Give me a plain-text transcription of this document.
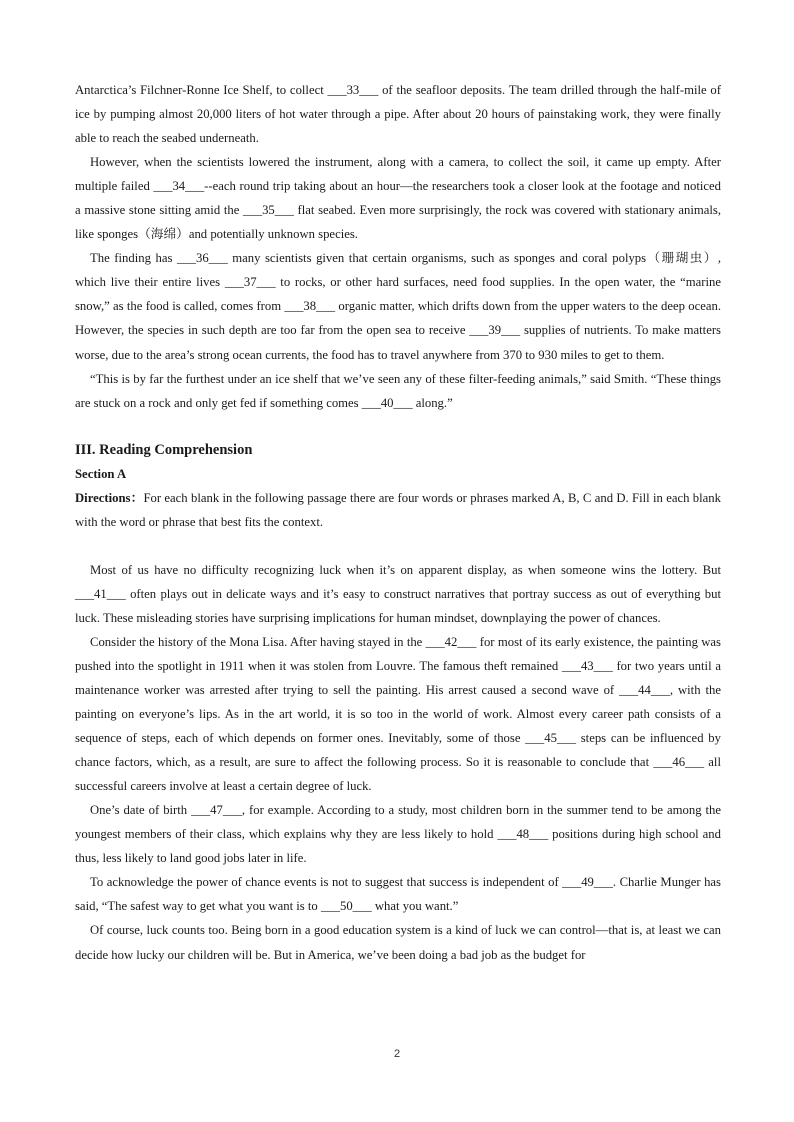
Antarctica’s Filchner-Ronne Ice Shelf, to collect ___33___ of the seafloor deposits. The team drilled through the half-mile of ice by pumping almost 20,000 liters of hot water through a pipe. After about 20 hours of painstaking work, they were finally able to reach the seabed underneath.

However, when the scientists lowered the instrument, along with a camera, to collect the soil, it came up empty. After multiple failed ___34___--each round trip taking about an hour—the researchers took a closer look at the footage and noticed a massive stone sitting amid the ___35___ flat seabed. Even more surprisingly, the rock was covered with stationary animals, like sponges（海绵）and potentially unknown species.

The finding has ___36___ many scientists given that certain organisms, such as sponges and coral polyps（珊瑚虫）, which live their entire lives ___37___ to rocks, or other hard surfaces, need food supplies. In the open water, the “marine snow,” as the food is called, comes from ___38___ organic matter, which drifts down from the upper waters to the deep ocean. However, the species in such depth are too far from the open sea to receive ___39___ supplies of nutrients. To make matters worse, due to the area’s strong ocean currents, the food has to travel anywhere from 370 to 930 miles to get to them.

“This is by far the furthest under an ice shelf that we’ve seen any of these filter-feeding animals,” said Smith. “These things are stuck on a rock and only get fed if something comes ___40___ along.”

III. Reading Comprehension

Section A

Directions：For each blank in the following passage there are four words or phrases marked A, B, C and D. Fill in each blank with the word or phrase that best fits the context.

Most of us have no difficulty recognizing luck when it’s on apparent display, as when someone wins the lottery. But ___41___ often plays out in delicate ways and it’s easy to construct narratives that portray success as out of everything but luck. These misleading stories have surprising implications for human mindset, downplaying the power of chances.

Consider the history of the Mona Lisa. After having stayed in the ___42___ for most of its early existence, the painting was pushed into the spotlight in 1911 when it was stolen from Louvre. The famous theft remained ___43___ for two years until a maintenance worker was arrested after trying to sell the painting. His arrest caused a second wave of ___44___, with the painting on everyone’s lips. As in the art world, it is so too in the world of work. Almost every career path consists of a sequence of steps, each of which depends on former ones. Inevitably, some of those ___45___ steps can be influenced by chance factors, which, as a result, are sure to affect the following process. So it is reasonable to conclude that ___46___ all successful careers involve at least a certain degree of luck.

One’s date of birth ___47___, for example. According to a study, most children born in the summer tend to be among the youngest members of their class, which explains why they are less likely to hold ___48___ positions during high school and thus, less likely to land good jobs later in life.

To acknowledge the power of chance events is not to suggest that success is independent of ___49___. Charlie Munger has said, “The safest way to get what you want is to ___50___ what you want.”

Of course, luck counts too. Being born in a good education system is a kind of luck we can control—that is, at least we can decide how lucky our children will be. But in America, we’ve been doing a bad job as the budget for

2
